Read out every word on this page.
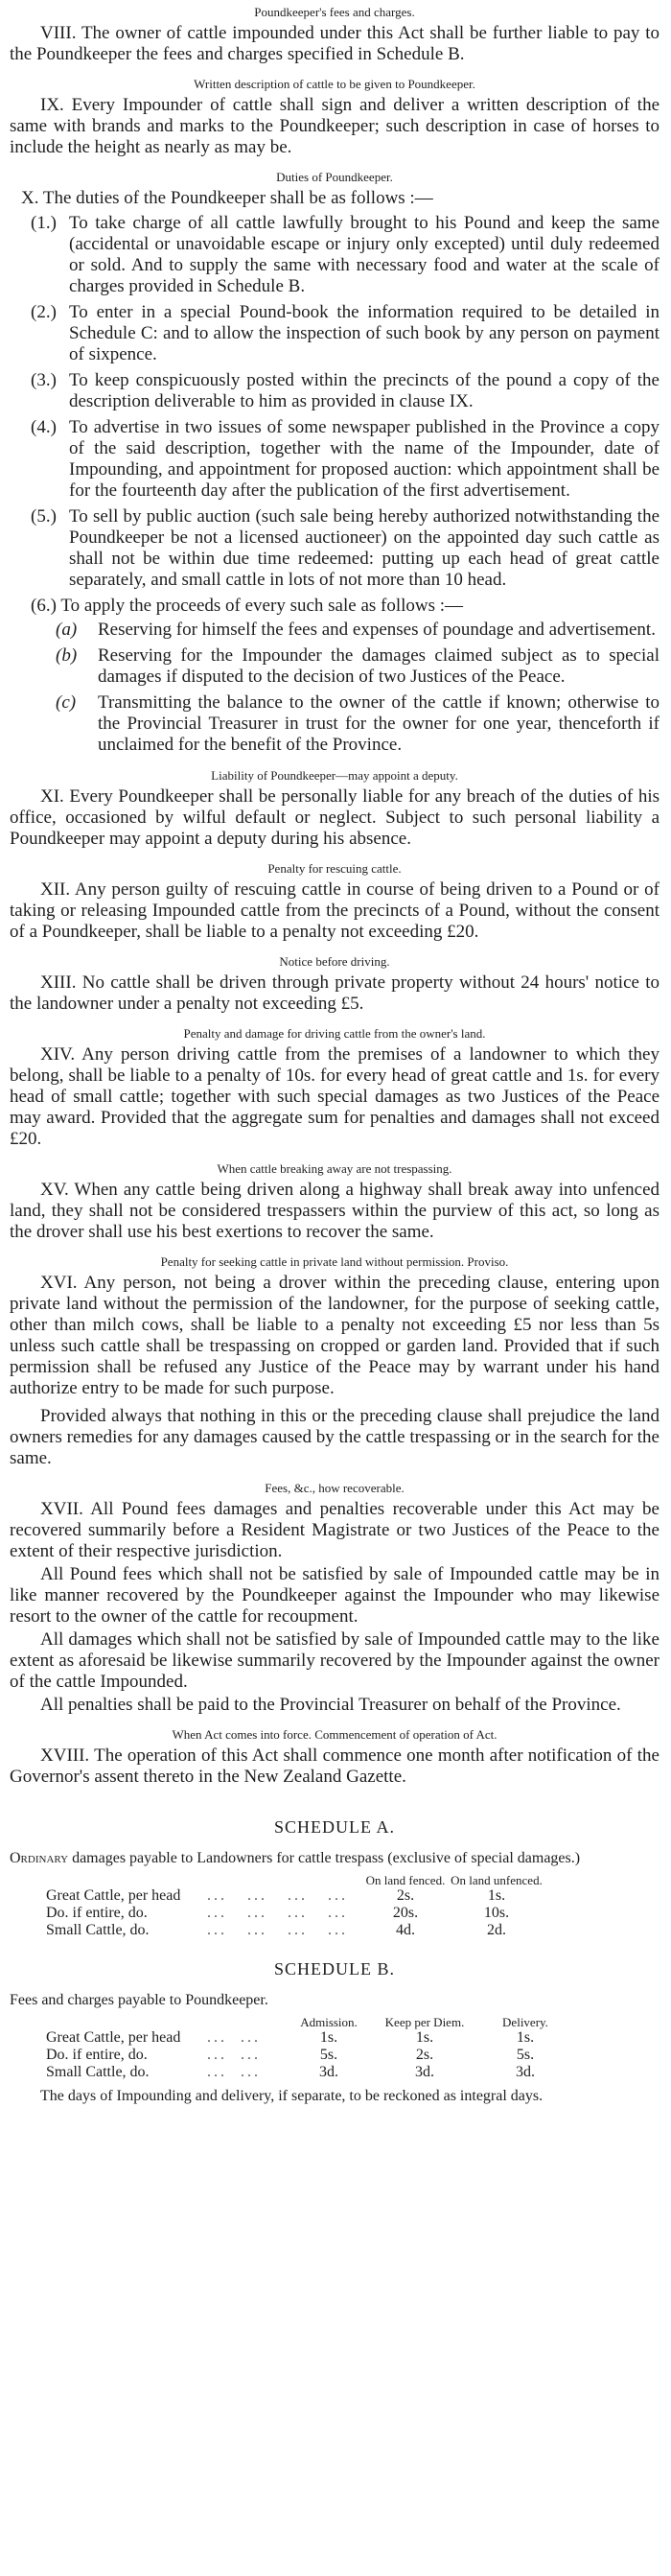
Poundkeeper's fees and charges.

VIII. The owner of cattle impounded under this Act shall be further liable to pay to the Poundkeeper the fees and charges specified in Schedule B.

Written description of cattle to be given to Poundkeeper.

IX. Every Impounder of cattle shall sign and deliver a written description of the same with brands and marks to the Poundkeeper; such description in case of horses to include the height as nearly as may be.

Duties of Poundkeeper.

X. The duties of the Poundkeeper shall be as follows :—

(1.) To take charge of all cattle lawfully brought to his Pound and keep the same (accidental or unavoidable escape or injury only excepted) until duly redeemed or sold. And to supply the same with necessary food and water at the scale of charges provided in Schedule B.
(2.) To enter in a special Pound-book the information required to be detailed in Schedule C: and to allow the inspection of such book by any person on payment of sixpence.
(3.) To keep conspicuously posted within the precincts of the pound a copy of the description deliverable to him as provided in clause IX.
(4.) To advertise in two issues of some newspaper published in the Province a copy of the said description, together with the name of the Impounder, date of Impounding, and appointment for proposed auction: which appointment shall be for the fourteenth day after the publication of the first advertisement.
(5.) To sell by public auction (such sale being hereby authorized notwithstanding the Poundkeeper be not a licensed auctioneer) on the appointed day such cattle as shall not be within due time redeemed: putting up each head of great cattle separately, and small cattle in lots of not more than 10 head.
(6.) To apply the proceeds of every such sale as follows :—
(a) Reserving for himself the fees and expenses of poundage and advertisement.
(b) Reserving for the Impounder the damages claimed subject as to special damages if disputed to the decision of two Justices of the Peace.
(c) Transmitting the balance to the owner of the cattle if known; otherwise to the Provincial Treasurer in trust for the owner for one year, thenceforth if unclaimed for the benefit of the Province.
Liability of Poundkeeper—may appoint a deputy.

XI. Every Poundkeeper shall be personally liable for any breach of the duties of his office, occasioned by wilful default or neglect. Subject to such personal liability a Poundkeeper may appoint a deputy during his absence.

Penalty for rescuing cattle.

XII. Any person guilty of rescuing cattle in course of being driven to a Pound or of taking or releasing Impounded cattle from the precincts of a Pound, without the consent of a Poundkeeper, shall be liable to a penalty not exceeding £20.

Notice before driving.

XIII. No cattle shall be driven through private property without 24 hours' notice to the landowner under a penalty not exceeding £5.

Penalty and damage for driving cattle from the owner's land.

XIV. Any person driving cattle from the premises of a landowner to which they belong, shall be liable to a penalty of 10s. for every head of great cattle and 1s. for every head of small cattle; together with such special damages as two Justices of the Peace may award. Provided that the aggregate sum for penalties and damages shall not exceed £20.

When cattle breaking away are not trespassing.

XV. When any cattle being driven along a highway shall break away into unfenced land, they shall not be considered trespassers within the purview of this act, so long as the drover shall use his best exertions to recover the same.

Penalty for seeking cattle in private land without permission. Proviso.

XVI. Any person, not being a drover within the preceding clause, entering upon private land without the permission of the landowner, for the purpose of seeking cattle, other than milch cows, shall be liable to a penalty not exceeding £5 nor less than 5s unless such cattle shall be trespassing on cropped or garden land. Provided that if such permission shall be refused any Justice of the Peace may by warrant under his hand authorize entry to be made for such purpose.

Provided always that nothing in this or the preceding clause shall prejudice the land owners remedies for any damages caused by the cattle trespassing or in the search for the same.

Fees, &c., how recoverable.

XVII. All Pound fees damages and penalties recoverable under this Act may be recovered summarily before a Resident Magistrate or two Justices of the Peace to the extent of their respective jurisdiction.

All Pound fees which shall not be satisfied by sale of Impounded cattle may be in like manner recovered by the Poundkeeper against the Impounder who may likewise resort to the owner of the cattle for recoupment.

All damages which shall not be satisfied by sale of Impounded cattle may to the like extent as aforesaid be likewise summarily recovered by the Impounder against the owner of the cattle Impounded.

All penalties shall be paid to the Provincial Treasurer on behalf of the Province.

When Act comes into force. Commencement of operation of Act.

XVIII. The operation of this Act shall commence one month after notification of the Governor's assent thereto in the New Zealand Gazette.

SCHEDULE A.

Ordinary damages payable to Landowners for cattle trespass (exclusive of special damages.)

		On land fenced.	On land unfenced.
Great Cattle, per head	...   ...   ...   ...	2s.	1s.
Do. if entire, do.	...   ...   ...   ...	20s.	10s.
Small Cattle, do.	...   ...   ...   ...	4d.	2d.
SCHEDULE B.

Fees and charges payable to Poundkeeper.

		Admission.	Keep per Diem.	Delivery.
Great Cattle, per head	...  ...	1s.	1s.	1s.
Do. if entire, do.	...  ...	5s.	2s.	5s.
Small Cattle, do.	...  ...	3d.	3d.	3d.

The days of Impounding and delivery, if separate, to be reckoned as integral days.
